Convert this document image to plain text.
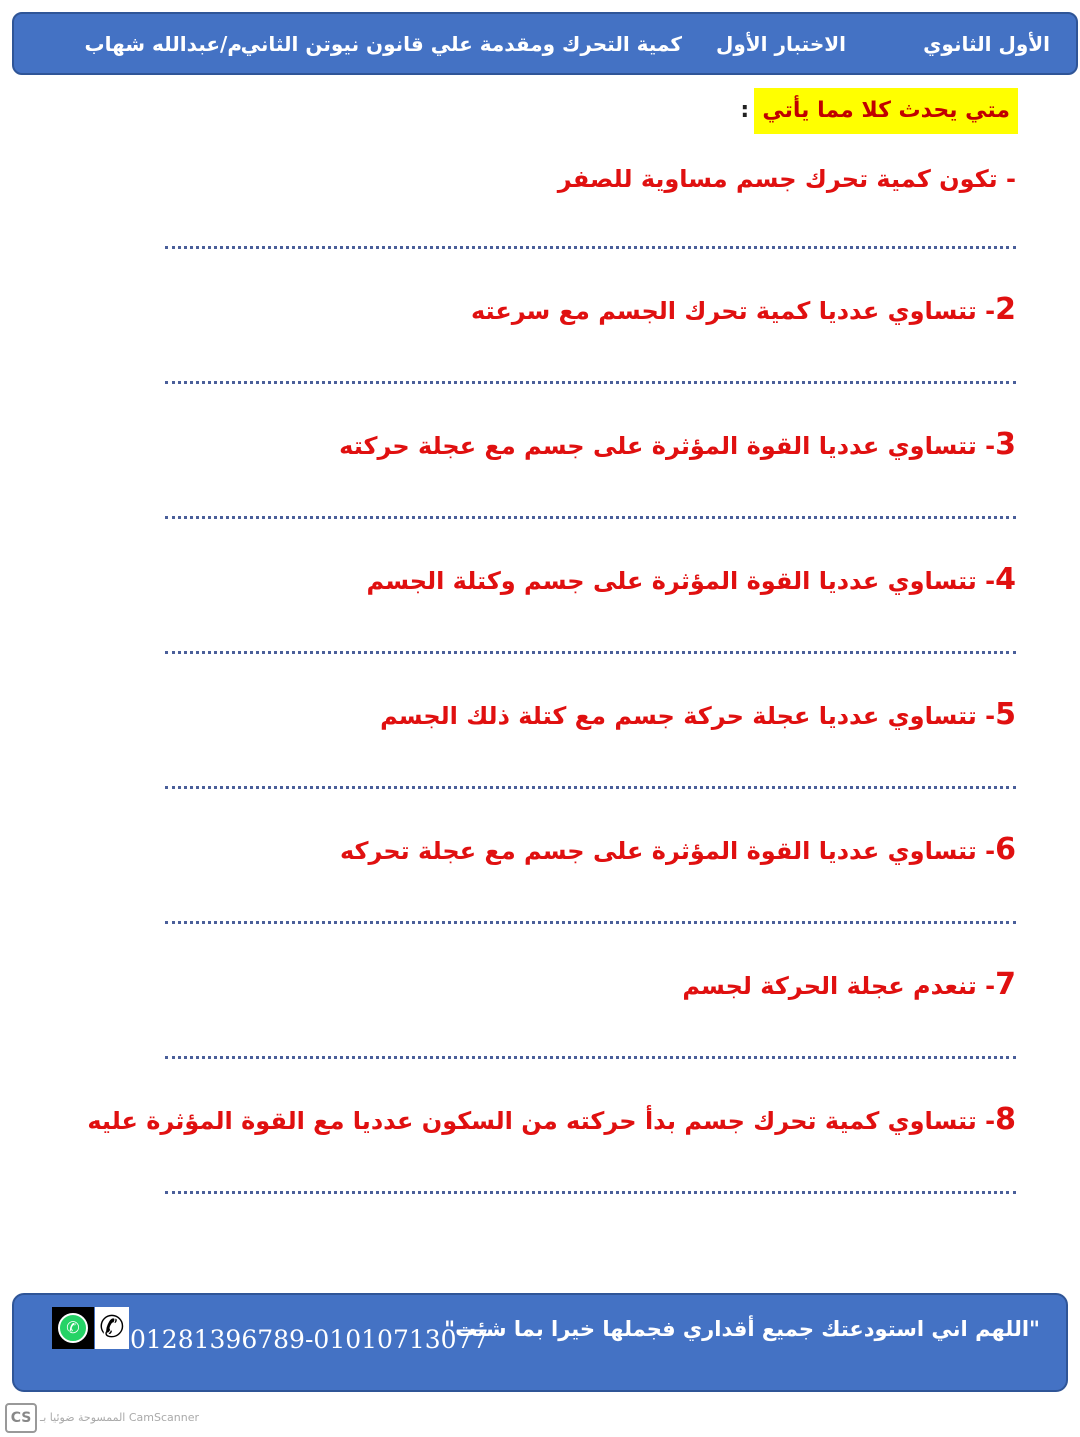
الأول الثانوي
الاختبار الأول
كمية التحرك ومقدمة علي قانون نيوتن الثاني
م/عبدالله شهاب
متي يحدث كلا مما يأتي
:
- تكون كمية تحرك جسم مساوية للصفر
2- تتساوي عدديا كمية تحرك الجسم مع سرعته
3- تتساوي عدديا القوة المؤثرة على جسم مع عجلة حركته
4- تتساوي عدديا القوة المؤثرة على جسم وكتلة الجسم
5- تتساوي عدديا عجلة حركة جسم مع كتلة ذلك الجسم
6- تتساوي عدديا القوة المؤثرة على جسم مع عجلة تحركه
7- تنعدم عجلة الحركة لجسم
8- تتساوي كمية تحرك جسم بدأ حركته من السكون عدديا مع القوة المؤثرة عليه
"اللهم اني استودعتك جميع أقداري فجملها خيرا بما شئت"
✆ ✆ 01281396789-01010713077
CS الممسوحة ضوئيا بـ CamScanner
